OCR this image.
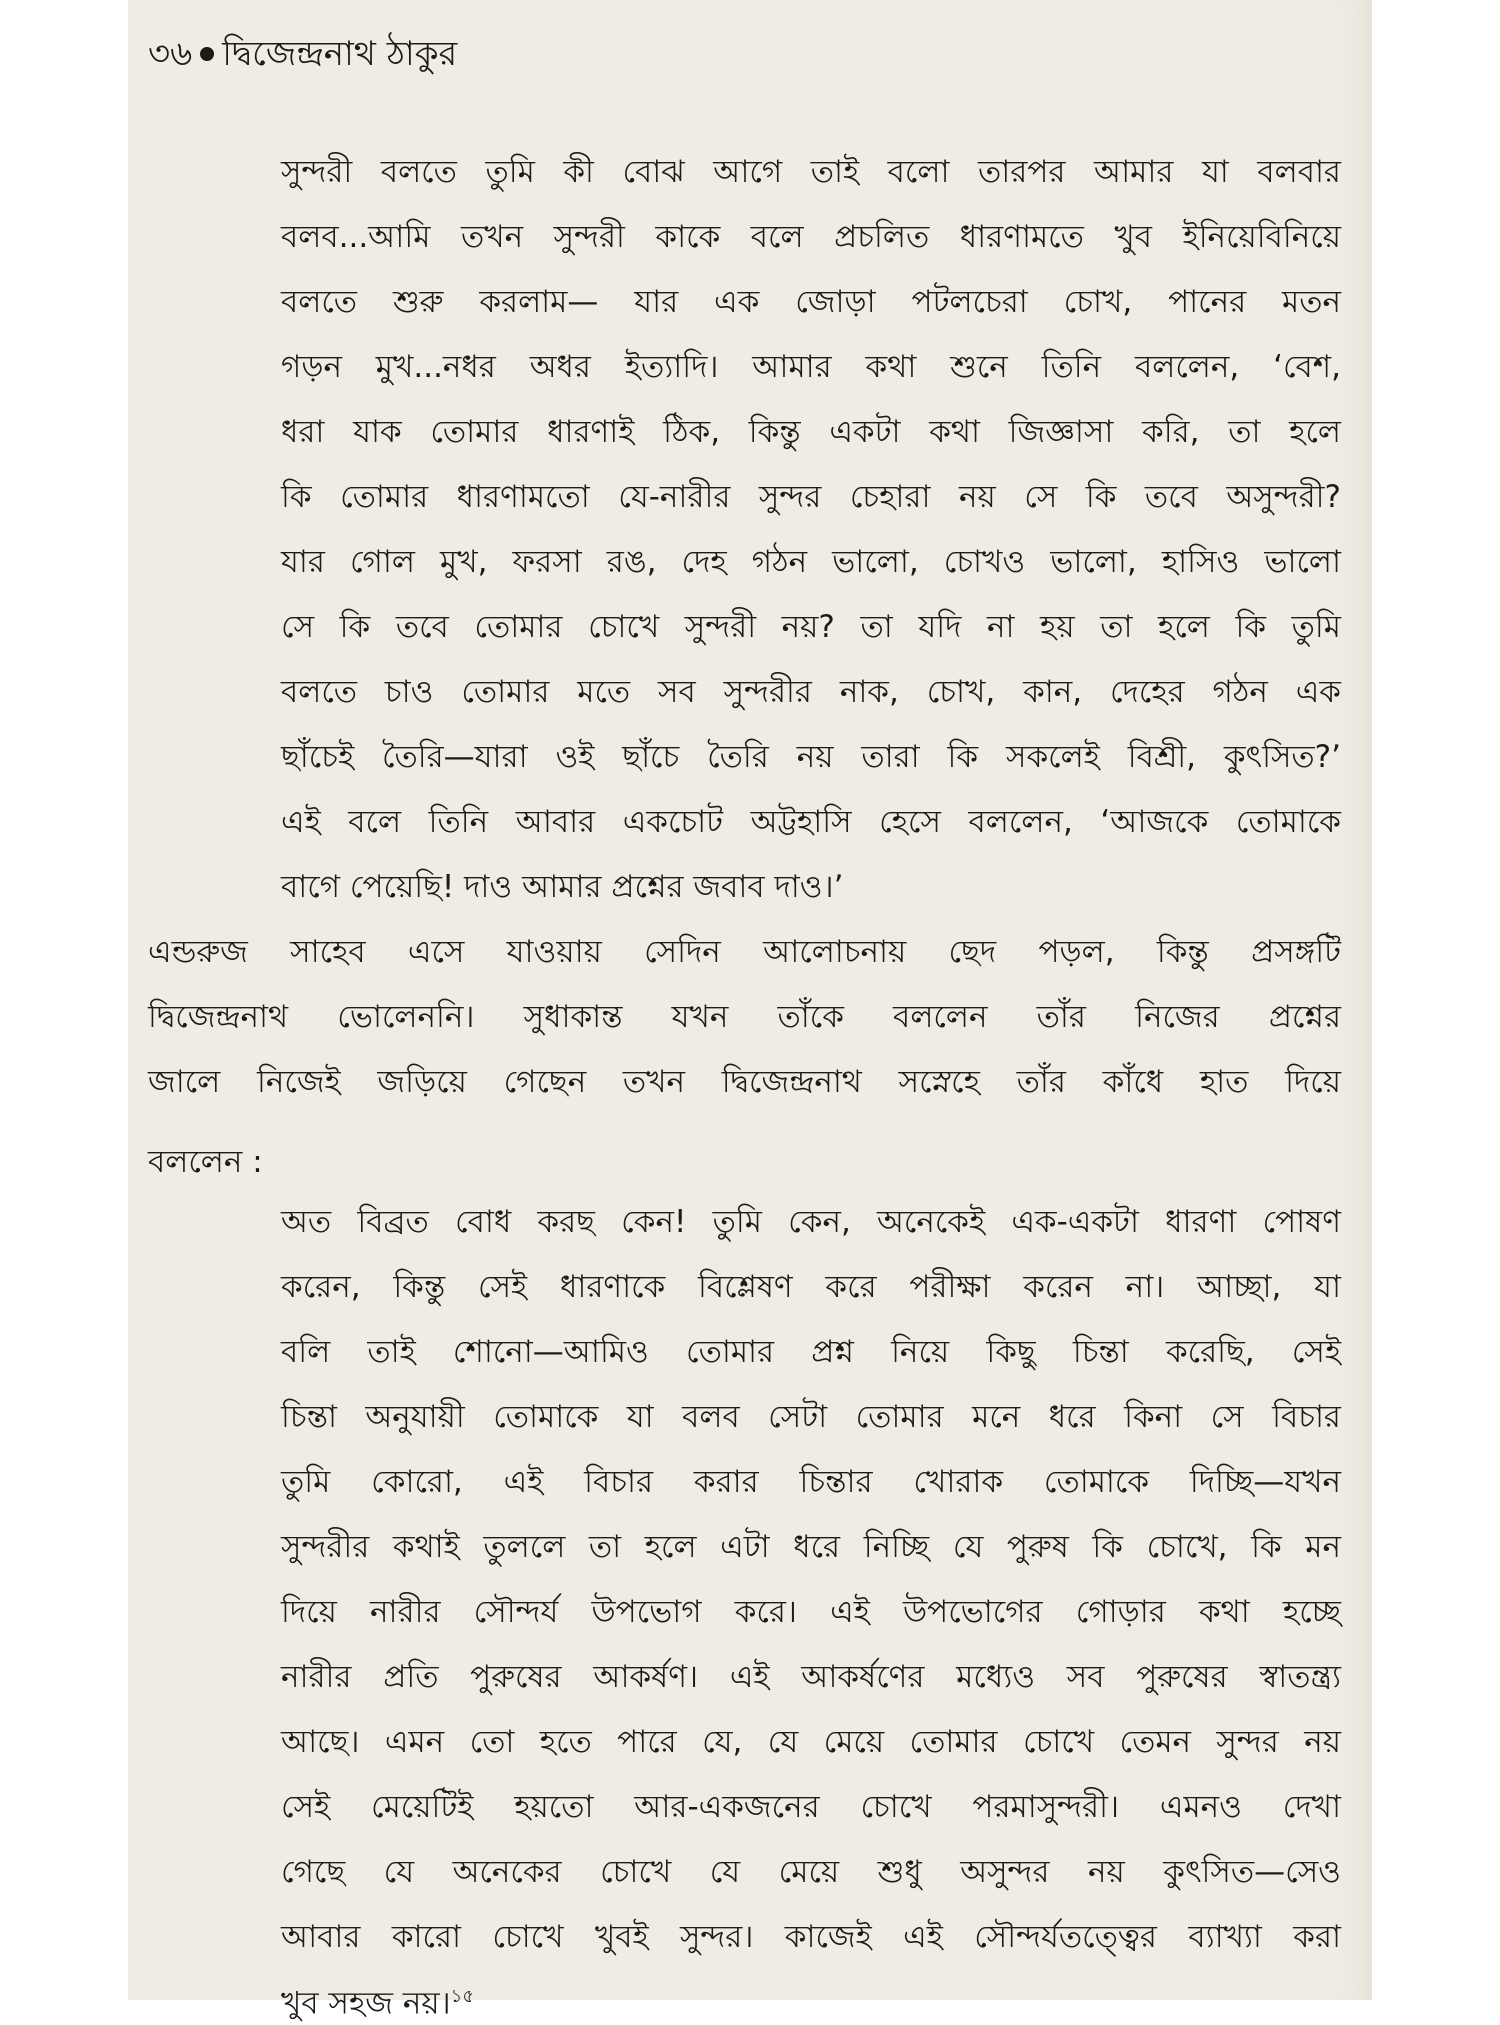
৩৬ দ্বিজেন্দ্রনাথ ঠাকুর
সুন্দরী বলতে তুমি কী বোঝ আগে তাই বলো তারপর আমার যা বলবার
বলব...আমি তখন সুন্দরী কাকে বলে প্রচলিত ধারণামতে খুব ইনিয়েবিনিয়ে
বলতে শুরু করলাম— যার এক জোড়া পটলচেরা চোখ, পানের মতন
গড়ন মুখ...নধর অধর ইত্যাদি। আমার কথা শুনে তিনি বললেন, ‘বেশ,
ধরা যাক তোমার ধারণাই ঠিক, কিন্তু একটা কথা জিজ্ঞাসা করি, তা হলে
কি তোমার ধারণামতো যে-নারীর সুন্দর চেহারা নয় সে কি তবে অসুন্দরী?
যার গোল মুখ, ফরসা রঙ, দেহ গঠন ভালো, চোখও ভালো, হাসিও ভালো
সে কি তবে তোমার চোখে সুন্দরী নয়? তা যদি না হয় তা হলে কি তুমি
বলতে চাও তোমার মতে সব সুন্দরীর নাক, চোখ, কান, দেহের গঠন এক
ছাঁচেই তৈরি—যারা ওই ছাঁচে তৈরি নয় তারা কি সকলেই বিশ্রী, কুৎসিত?’
এই বলে তিনি আবার একচোট অট্টহাসি হেসে বললেন, ‘আজকে তোমাকে
বাগে পেয়েছি! দাও আমার প্রশ্নের জবাব দাও।’
এন্ডরুজ সাহেব এসে যাওয়ায় সেদিন আলোচনায় ছেদ পড়ল, কিন্তু প্রসঙ্গটি
দ্বিজেন্দ্রনাথ ভোলেননি। সুধাকান্ত যখন তাঁকে বললেন তাঁর নিজের প্রশ্নের
জালে নিজেই জড়িয়ে গেছেন তখন দ্বিজেন্দ্রনাথ সস্নেহে তাঁর কাঁধে হাত দিয়ে
বললেন :
অত বিব্রত বোধ করছ কেন! তুমি কেন, অনেকেই এক-একটা ধারণা পোষণ
করেন, কিন্তু সেই ধারণাকে বিশ্লেষণ করে পরীক্ষা করেন না। আচ্ছা, যা
বলি তাই শোনো—আমিও তোমার প্রশ্ন নিয়ে কিছু চিন্তা করেছি, সেই
চিন্তা অনুযায়ী তোমাকে যা বলব সেটা তোমার মনে ধরে কিনা সে বিচার
তুমি কোরো, এই বিচার করার চিন্তার খোরাক তোমাকে দিচ্ছি—যখন
সুন্দরীর কথাই তুললে তা হলে এটা ধরে নিচ্ছি যে পুরুষ কি চোখে, কি মন
দিয়ে নারীর সৌন্দর্য উপভোগ করে। এই উপভোগের গোড়ার কথা হচ্ছে
নারীর প্রতি পুরুষের আকর্ষণ। এই আকর্ষণের মধ্যেও সব পুরুষের স্বাতন্ত্র্য
আছে। এমন তো হতে পারে যে, যে মেয়ে তোমার চোখে তেমন সুন্দর নয়
সেই মেয়েটিই হয়তো আর-একজনের চোখে পরমাসুন্দরী। এমনও দেখা
গেছে যে অনেকের চোখে যে মেয়ে শুধু অসুন্দর নয় কুৎসিত—সেও
আবার কারো চোখে খুবই সুন্দর। কাজেই এই সৌন্দর্যতত্ত্বের ব্যাখ্যা করা
খুব সহজ নয়।$^{১৫}$
